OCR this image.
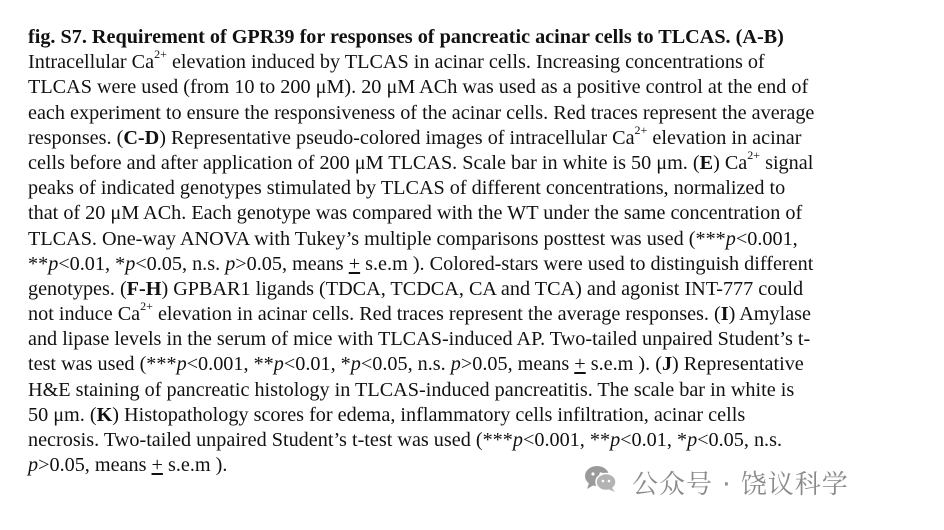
fig. S7. Requirement of GPR39 for responses of pancreatic acinar cells to TLCAS. (A-B)
Intracellular $Ca^{2+}$ elevation induced by TLCAS in acinar cells. Increasing concentrations of
TLCAS were used (from 10 to 200 μM). 20 μM ACh was used as a positive control at the end of
each experiment to ensure the responsiveness of the acinar cells. Red traces represent the average
responses. (C-D) Representative pseudo-colored images of intracellular $Ca^{2+}$ elevation in acinar
cells before and after application of 200 μM TLCAS. Scale bar in white is 50 μm. (E) $Ca^{2+}$ signal
peaks of indicated genotypes stimulated by TLCAS of different concentrations, normalized to
that of 20 μM ACh. Each genotype was compared with the WT under the same concentration of
TLCAS. One-way ANOVA with Tukey’s multiple comparisons posttest was used (***p<0.001,
**p<0.01, *p<0.05, n.s. p>0.05, means + s.e.m ). Colored-stars were used to distinguish different
genotypes. (F-H) GPBAR1 ligands (TDCA, TCDCA, CA and TCA) and agonist INT-777 could
not induce $Ca^{2+}$ elevation in acinar cells. Red traces represent the average responses. (I) Amylase
and lipase levels in the serum of mice with TLCAS-induced AP. Two-tailed unpaired Student’s t-
test was used (***p<0.001, **p<0.01, *p<0.05, n.s. p>0.05, means + s.e.m ). (J) Representative
H&E staining of pancreatic histology in TLCAS-induced pancreatitis. The scale bar in white is
50 μm. (K) Histopathology scores for edema, inflammatory cells infiltration, acinar cells
necrosis. Two-tailed unpaired Student’s t-test was used (***p<0.001, **p<0.01, *p<0.05, n.s.
p>0.05, means + s.e.m ).
公众号 · 饶议科学
